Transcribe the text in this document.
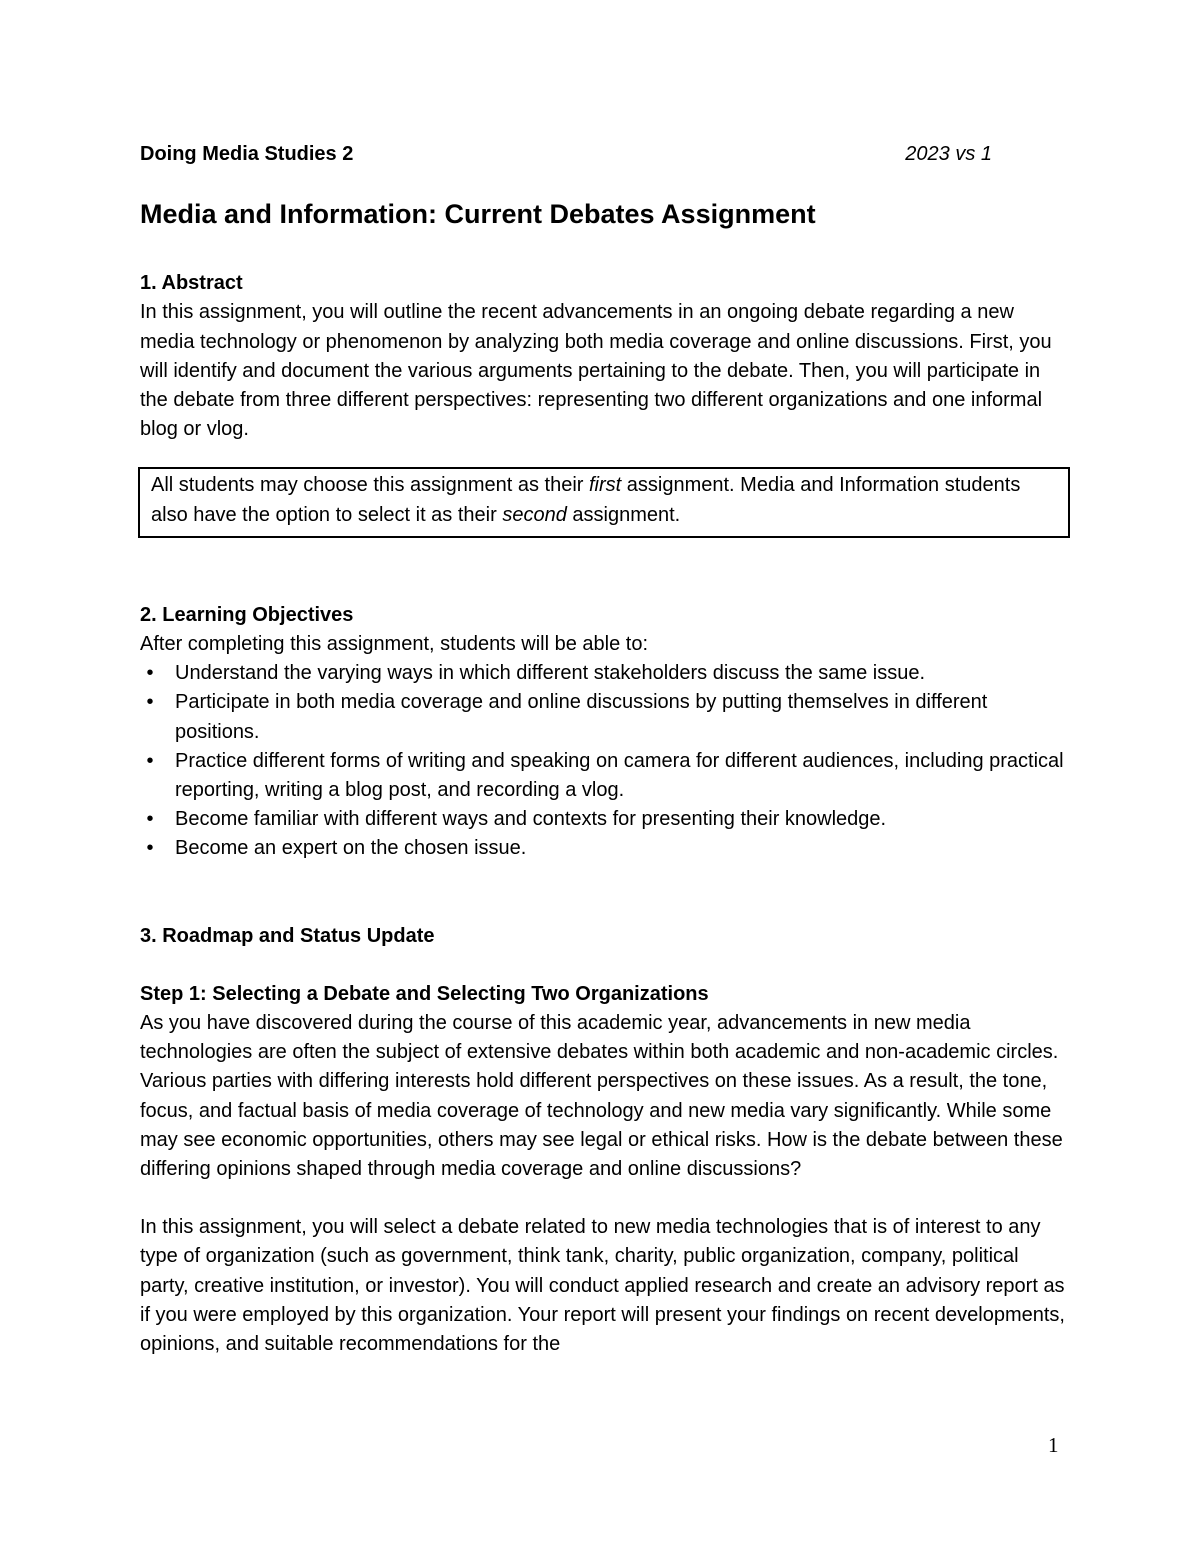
Doing Media Studies 2	2023 vs 1
Media and Information: Current Debates Assignment
1. Abstract

In this assignment, you will outline the recent advancements in an ongoing debate regarding a new media technology or phenomenon by analyzing both media coverage and online discussions. First, you will identify and document the various arguments pertaining to the debate. Then, you will participate in the debate from three different perspectives: representing two different organizations and one informal blog or vlog.

All students may choose this assignment as their first assignment. Media and Information students also have the option to select it as their second assignment.
2. Learning Objectives
After completing this assignment, students will be able to:
•	Understand the varying ways in which different stakeholders discuss the same issue.
•	Participate in both media coverage and online discussions by putting themselves in different positions.
•	Practice different forms of writing and speaking on camera for different audiences, including practical reporting, writing a blog post, and recording a vlog.
•	Become familiar with different ways and contexts for presenting their knowledge.
•	Become an expert on the chosen issue.
3. Roadmap and Status Update
Step 1: Selecting a Debate and Selecting Two Organizations

As you have discovered during the course of this academic year, advancements in new media technologies are often the subject of extensive debates within both academic and non-academic circles. Various parties with differing interests hold different perspectives on these issues. As a result, the tone, focus, and factual basis of media coverage of technology and new media vary significantly. While some may see economic opportunities, others may see legal or ethical risks. How is the debate between these differing opinions shaped through media coverage and online discussions?

In this assignment, you will select a debate related to new media technologies that is of interest to any type of organization (such as government, think tank, charity, public organization, company, political party, creative institution, or investor). You will conduct applied research and create an advisory report as if you were employed by this organization. Your report will present your findings on recent developments, opinions, and suitable recommendations for the

1
